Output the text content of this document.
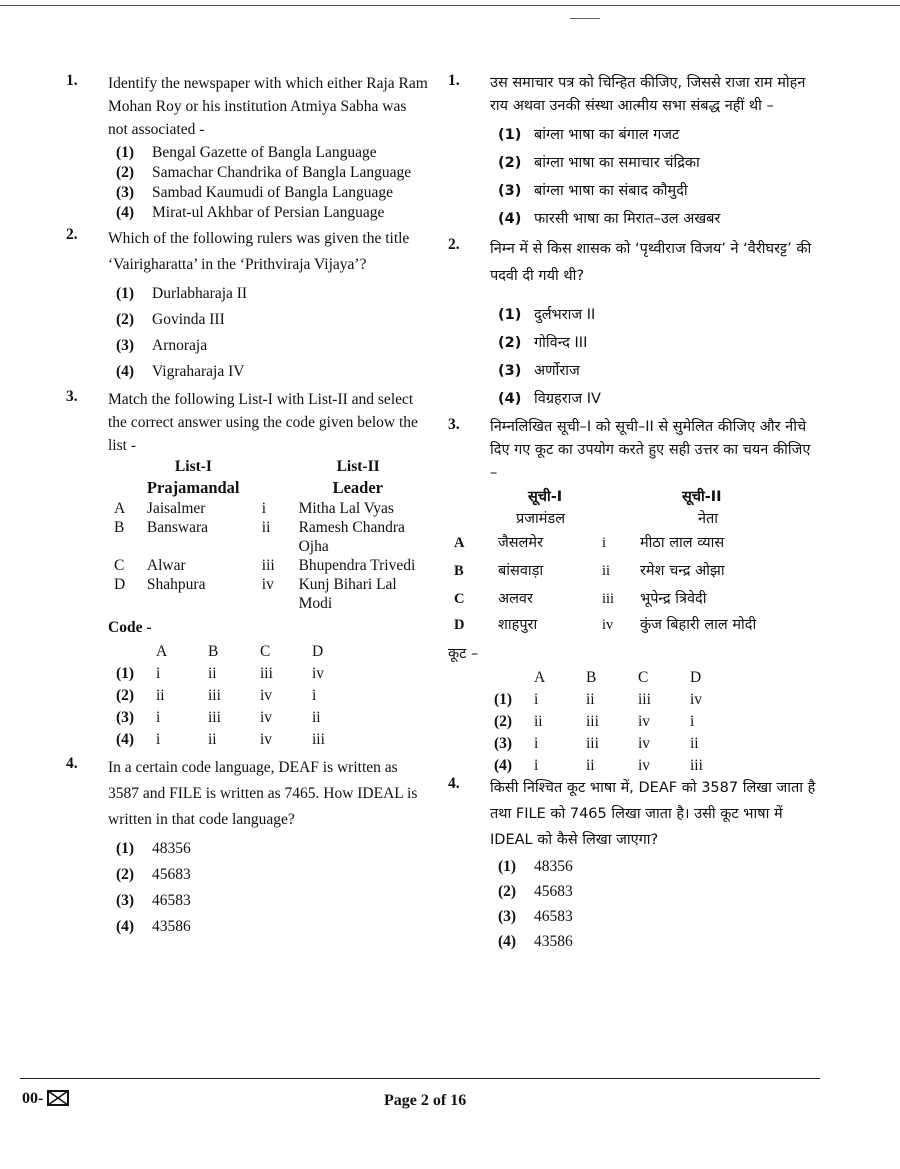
1. Identify the newspaper with which either Raja Ram Mohan Roy or his institution Atmiya Sabha was not associated -

(1)	Bengal Gazette of Bangla Language
(2)	Samachar Chandrika of Bangla Language
(3)	Sambad Kaumudi of Bangla Language
(4)	Mirat-ul Akhbar of Persian Language
2. Which of the following rulers was given the title ‘Vairigharatta’ in the ‘Prithviraja Vijaya’?

(1)	Durlabharaja II
(2)	Govinda III
(3)	Arnoraja
(4)	Vigraharaja IV
3. Match the following List-I with List-II and select the correct answer using the code given below the list -

	List-I		List-II
	Prajamandal		Leader
A	Jaisalmer	i	Mitha Lal Vyas
B	Banswara	ii	Ramesh Chandra Ojha
C	Alwar	iii	Bhupendra Trivedi
D	Shahpura	iv	Kunj Bihari Lal Modi
Code -
	A	B	C	D
(1)	i	ii	iii	iv
(2)	ii	iii	iv	i
(3)	i	iii	iv	ii
(4)	i	ii	iv	iii
4. In a certain code language, DEAF is written as 3587 and FILE is written as 7465. How IDEAL is written in that code language?

(1)	48356
(2)	45683
(3)	46583
(4)	43586
1. उस समाचार पत्र को चिन्हित कीजिए, जिससे राजा राम मोहन राय अथवा उनकी संस्था आत्मीय सभा संबद्ध नहीं थी –

(1) बांग्ला भाषा का बंगाल गजट
(2) बांग्ला भाषा का समाचार चंद्रिका
(3) बांग्ला भाषा का संबाद कौमुदी
(4) फारसी भाषा का मिरात–उल अखबर
2. निम्न में से किस शासक को ‘पृथ्वीराज विजय’ ने ‘वैरीघरट्ट’ की पदवी दी गयी थी?

(1) दुर्लभराज II
(2) गोविन्द III
(3) अर्णोराज
(4) विग्रहराज IV
3. निम्नलिखित सूची–I को सूची–II से सुमेलित कीजिए और नीचे दिए गए कूट का उपयोग करते हुए सही उत्तर का चयन कीजिए –

	सूची-I		सूची-II
	प्रजामंडल		नेता
A	जैसलमेर	i	मीठा लाल व्यास
B	बांसवाड़ा	ii	रमेश चन्द्र ओझा
C	अलवर	iii	भूपेन्द्र त्रिवेदी
D	शाहपुरा	iv	कुंज बिहारी लाल मोदी
कूट –
	A	B	C	D
(1)	i	ii	iii	iv
(2)	ii	iii	iv	i
(3)	i	iii	iv	ii
(4)	i	ii	iv	iii
4. किसी निश्चित कूट भाषा में, DEAF को 3587 लिखा जाता है तथा FILE को 7465 लिखा जाता है। उसी कूट भाषा में IDEAL को कैसे लिखा जाएगा?

(1)	48356
(2)	45683
(3)	46583
(4)	43586
00-	Page 2 of 16
